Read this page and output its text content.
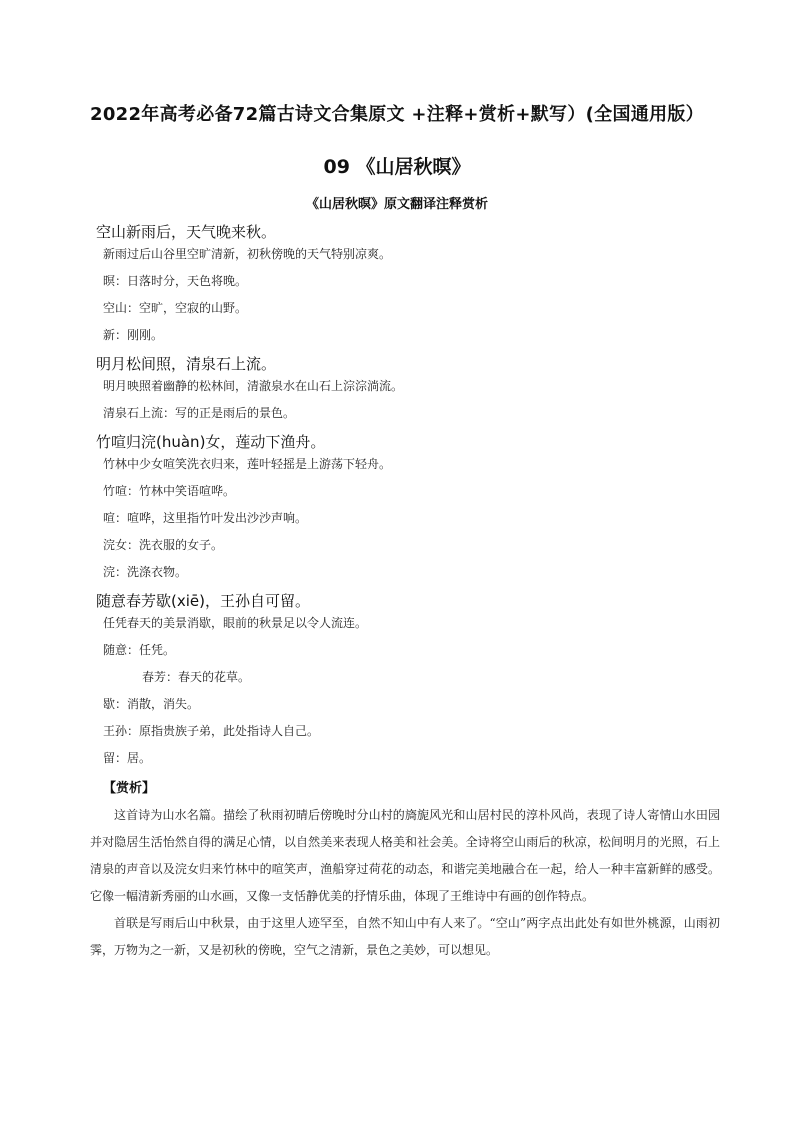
2022年高考必备72篇古诗文合集原文 +注释+赏析+默写）(全国通用版）
09 《山居秋暝》
《山居秋暝》原文翻译注释赏析
空山新雨后，天气晚来秋。
新雨过后山谷里空旷清新，初秋傍晚的天气特别凉爽。
暝：日落时分，天色将晚。
空山：空旷，空寂的山野。
新：刚刚。
明月松间照，清泉石上流。
明月映照着幽静的松林间，清澈泉水在山石上淙淙淌流。
清泉石上流：写的正是雨后的景色。
竹喧归浣(huàn)女，莲动下渔舟。
竹林中少女喧笑洗衣归来，莲叶轻摇是上游荡下轻舟。
竹喧：竹林中笑语喧哗。
喧：喧哗，这里指竹叶发出沙沙声响。
浣女：洗衣服的女子。
浣：洗涤衣物。
随意春芳歇(xiē)，王孙自可留。
任凭春天的美景消歇，眼前的秋景足以令人流连。
随意：任凭。
春芳：春天的花草。
歇：消散，消失。
王孙：原指贵族子弟，此处指诗人自己。
留：居。
【赏析】

这首诗为山水名篇。描绘了秋雨初晴后傍晚时分山村的旖旎风光和山居村民的淳朴风尚，表现了诗人寄情山水田园并对隐居生活怡然自得的满足心情，以自然美来表现人格美和社会美。全诗将空山雨后的秋凉，松间明月的光照，石上清泉的声音以及浣女归来竹林中的喧笑声，渔船穿过荷花的动态，和谐完美地融合在一起，给人一种丰富新鲜的感受。它像一幅清新秀丽的山水画，又像一支恬静优美的抒情乐曲，体现了王维诗中有画的创作特点。

首联是写雨后山中秋景，由于这里人迹罕至，自然不知山中有人来了。“空山”两字点出此处有如世外桃源，山雨初霁，万物为之一新，又是初秋的傍晚，空气之清新，景色之美妙，可以想见。
